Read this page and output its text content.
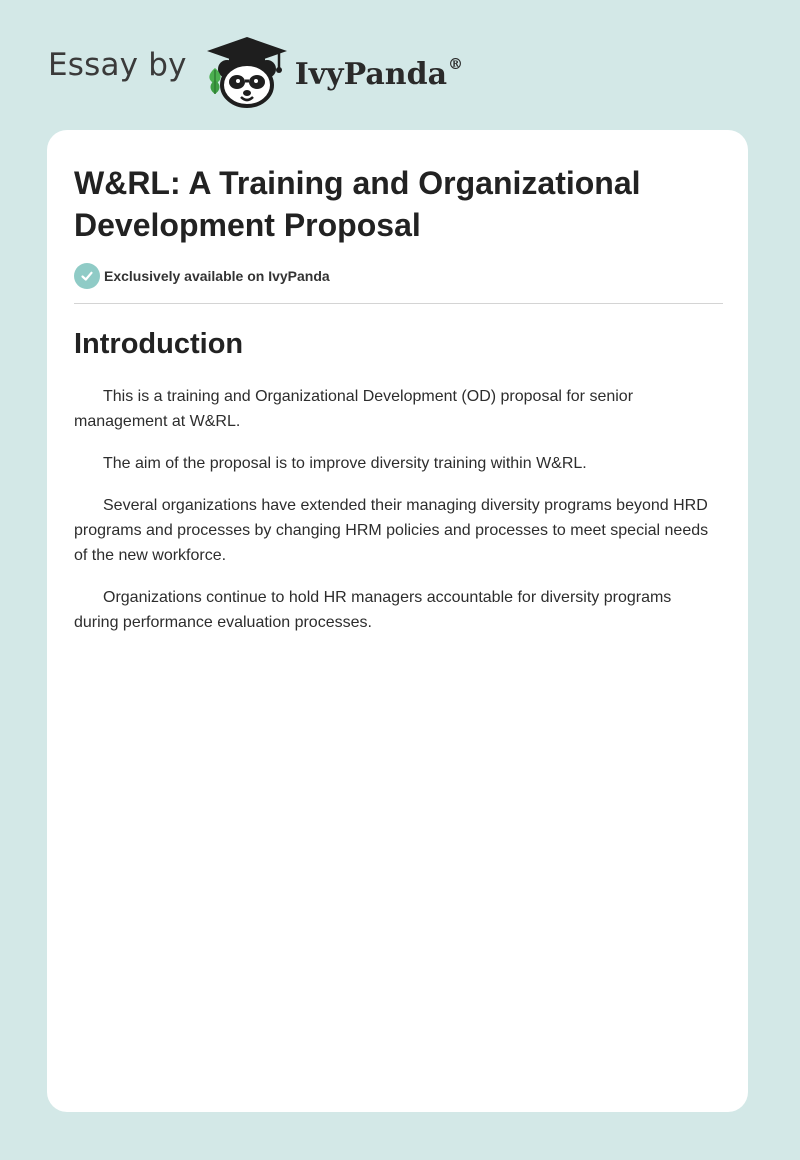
Essay by	IvyPanda®
W&RL: A Training and Organizational Development Proposal
Exclusively available on IvyPanda
Introduction

This is a training and Organizational Development (OD) proposal for senior management at W&RL.

The aim of the proposal is to improve diversity training within W&RL.

Several organizations have extended their managing diversity programs beyond HRD programs and processes by changing HRM policies and processes to meet special needs of the new workforce.

Organizations continue to hold HR managers accountable for diversity programs during performance evaluation processes.
